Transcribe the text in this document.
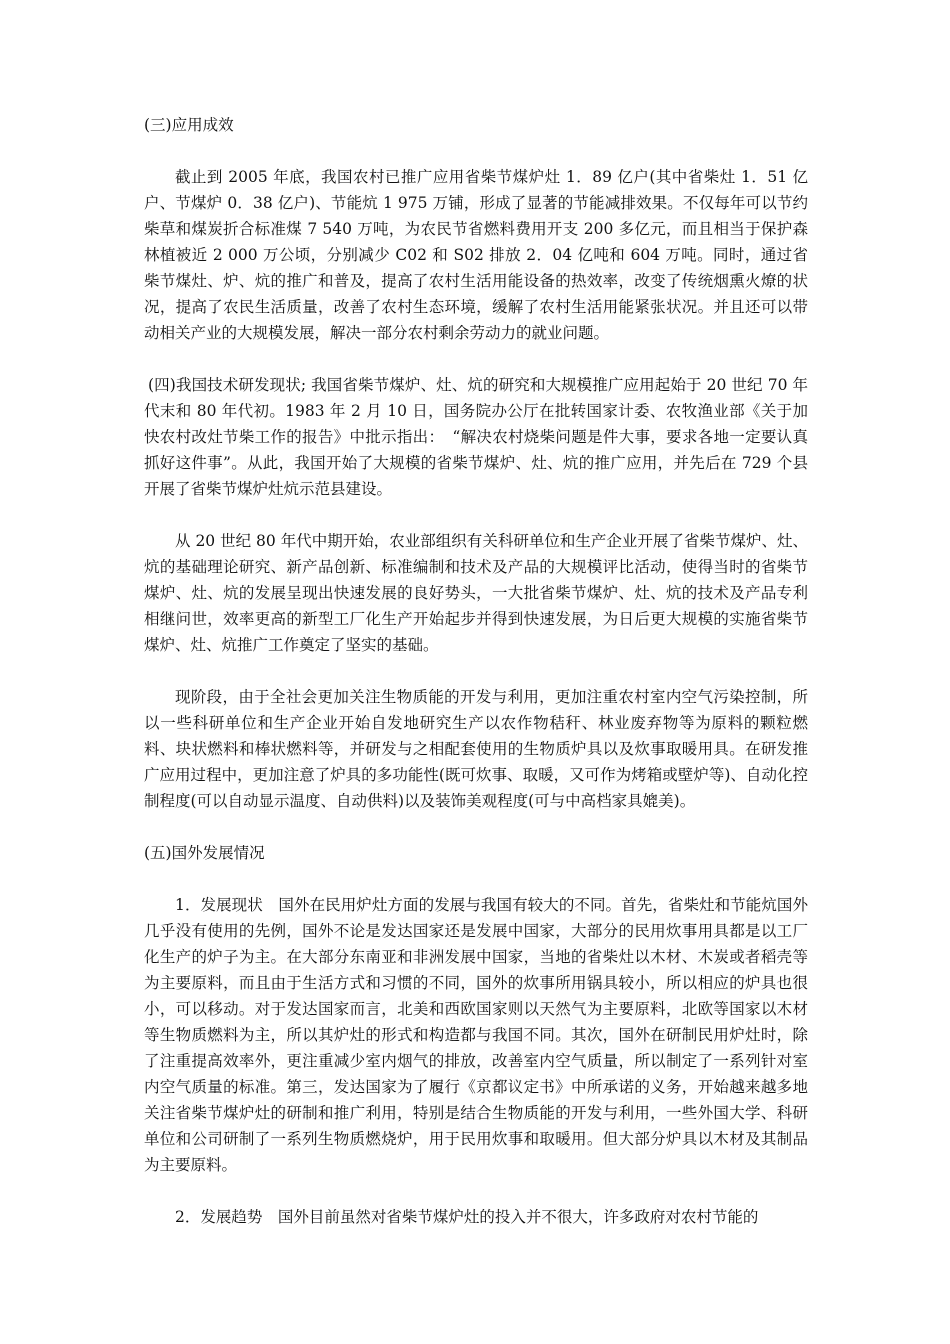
(三)应用成效

截止到 2005 年底，我国农村已推广应用省柴节煤炉灶 1．89 亿户(其中省柴灶 1．51 亿户、节煤炉 0．38 亿户)、节能炕 1 975 万铺，形成了显著的节能减排效果。不仅每年可以节约柴草和煤炭折合标准煤 7 540 万吨，为农民节省燃料费用开支 200 多亿元，而且相当于保护森林植被近 2 000 万公顷，分别减少 C02 和 S02 排放 2．04 亿吨和 604 万吨。同时，通过省柴节煤灶、炉、炕的推广和普及，提高了农村生活用能设备的热效率，改变了传统烟熏火燎的状况，提高了农民生活质量，改善了农村生态环境，缓解了农村生活用能紧张状况。并且还可以带动相关产业的大规模发展，解决一部分农村剩余劳动力的就业问题。

(四)我国技术研发现状; 我国省柴节煤炉、灶、炕的研究和大规模推广应用起始于 20 世纪 70 年代末和 80 年代初。1983 年 2 月 10 日，国务院办公厅在批转国家计委、农牧渔业部《关于加快农村改灶节柴工作的报告》中批示指出：　“解决农村烧柴问题是件大事，要求各地一定要认真抓好这件事”。从此，我国开始了大规模的省柴节煤炉、灶、炕的推广应用，并先后在 729 个县开展了省柴节煤炉灶炕示范县建设。

从 20 世纪 80 年代中期开始，农业部组织有关科研单位和生产企业开展了省柴节煤炉、灶、炕的基础理论研究、新产品创新、标准编制和技术及产品的大规模评比活动，使得当时的省柴节煤炉、灶、炕的发展呈现出快速发展的良好势头，一大批省柴节煤炉、灶、炕的技术及产品专利相继问世，效率更高的新型工厂化生产开始起步并得到快速发展，为日后更大规模的实施省柴节煤炉、灶、炕推广工作奠定了坚实的基础。

现阶段，由于全社会更加关注生物质能的开发与利用，更加注重农村室内空气污染控制，所以一些科研单位和生产企业开始自发地研究生产以农作物秸秆、林业废弃物等为原料的颗粒燃料、块状燃料和棒状燃料等，并研发与之相配套使用的生物质炉具以及炊事取暖用具。在研发推广应用过程中，更加注意了炉具的多功能性(既可炊事、取暖，又可作为烤箱或壁炉等)、自动化控制程度(可以自动显示温度、自动供料)以及装饰美观程度(可与中高档家具媲美)。

(五)国外发展情况

1．发展现状　国外在民用炉灶方面的发展与我国有较大的不同。首先，省柴灶和节能炕国外几乎没有使用的先例，国外不论是发达国家还是发展中国家，大部分的民用炊事用具都是以工厂化生产的炉子为主。在大部分东南亚和非洲发展中国家，当地的省柴灶以木材、木炭或者稻壳等为主要原料，而且由于生活方式和习惯的不同，国外的炊事所用锅具较小，所以相应的炉具也很小，可以移动。对于发达国家而言，北美和西欧国家则以天然气为主要原料，北欧等国家以木材等生物质燃料为主，所以其炉灶的形式和构造都与我国不同。其次，国外在研制民用炉灶时，除了注重提高效率外，更注重减少室内烟气的排放，改善室内空气质量，所以制定了一系列针对室内空气质量的标准。第三，发达国家为了履行《京都议定书》中所承诺的义务，开始越来越多地关注省柴节煤炉灶的研制和推广利用，特别是结合生物质能的开发与利用，一些外国大学、科研单位和公司研制了一系列生物质燃烧炉，用于民用炊事和取暖用。但大部分炉具以木材及其制品为主要原料。

2．发展趋势　国外目前虽然对省柴节煤炉灶的投入并不很大，许多政府对农村节能的
